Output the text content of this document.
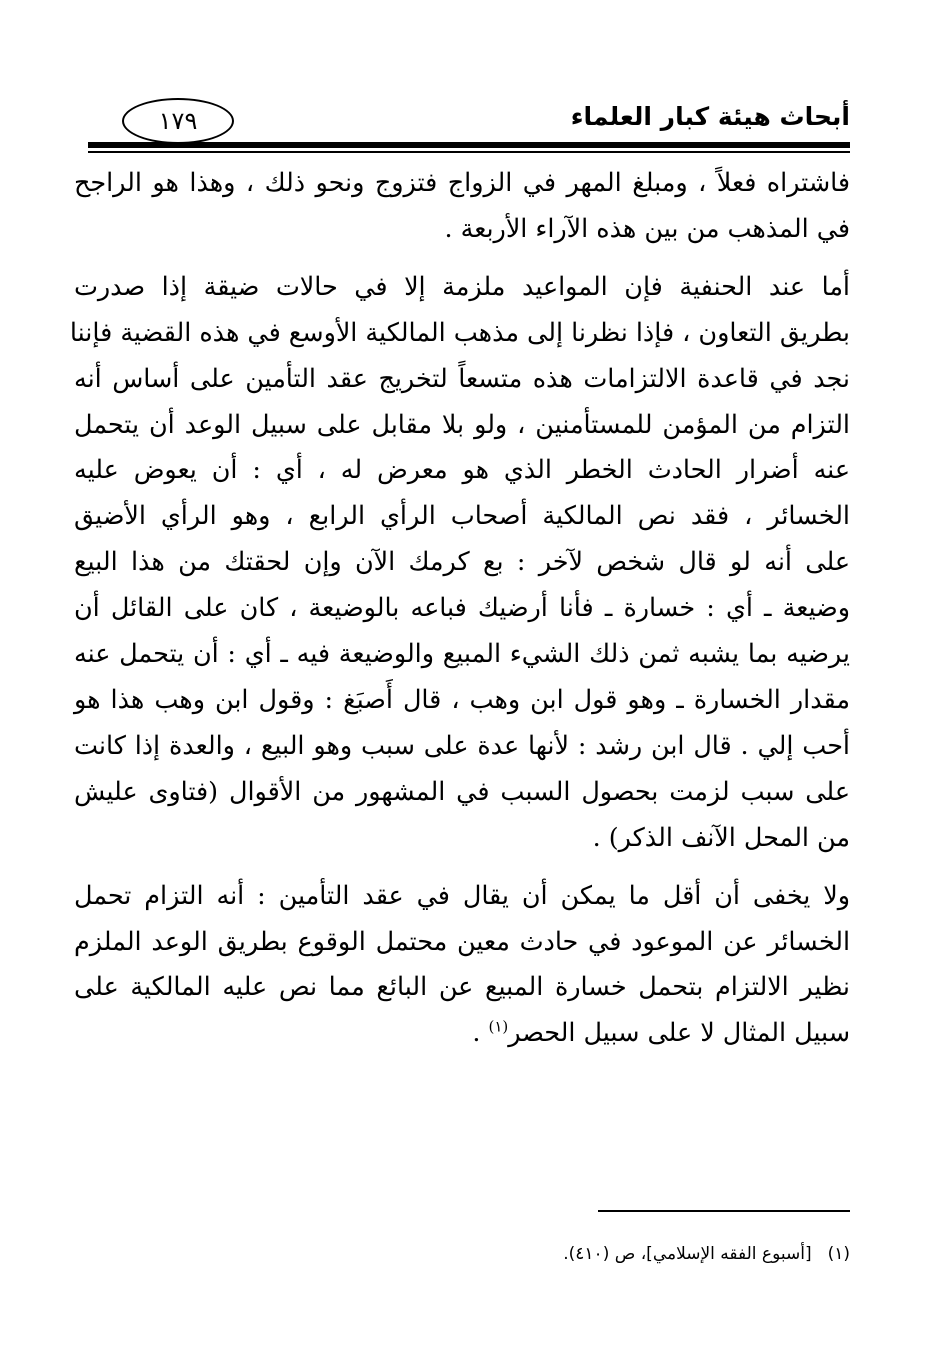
أبحاث هيئة كبار العلماء
١٧٩
فاشتراه فعلاً ، ومبلغ المهر في الزواج فتزوج ونحو ذلك ، وهذا هو الراجح
في المذهب من بين هذه الآراء الأربعة .
أما عند الحنفية فإن المواعيد ملزمة إلا في حالات ضيقة إذا صدرت
بطريق التعاون ، فإذا نظرنا إلى مذهب المالكية الأوسع في هذه القضية فإننا
نجد في قاعدة الالتزامات هذه متسعاً لتخريج عقد التأمين على أساس أنه
التزام من المؤمن للمستأمنين ، ولو بلا مقابل على سبيل الوعد أن يتحمل
عنه أضرار الحادث الخطر الذي هو معرض له ، أي : أن يعوض عليه
الخسائر ، فقد نص المالكية أصحاب الرأي الرابع ، وهو الرأي الأضيق
على أنه لو قال شخص لآخر : بع كرمك الآن وإن لحقتك من هذا البيع
وضيعة ـ أي : خسارة ـ فأنا أرضيك فباعه بالوضيعة ، كان على القائل أن
يرضيه بما يشبه ثمن ذلك الشيء المبيع والوضيعة فيه ـ أي : أن يتحمل عنه
مقدار الخسارة ـ وهو قول ابن وهب ، قال أَصبَغ : وقول ابن وهب هذا هو
أحب إلي . قال ابن رشد : لأنها عدة على سبب وهو البيع ، والعدة إذا كانت
على سبب لزمت بحصول السبب في المشهور من الأقوال (فتاوى عليش
من المحل الآنف الذكر) .
ولا يخفى أن أقل ما يمكن أن يقال في عقد التأمين : أنه التزام تحمل
الخسائر عن الموعود في حادث معين محتمل الوقوع بطريق الوعد الملزم
نظير الالتزام بتحمل خسارة المبيع عن البائع مما نص عليه المالكية على
سبيل المثال لا على سبيل الحصر$^{(١)}$ .
(١)[أسبوع الفقه الإسلامي]، ص (٤١٠).
